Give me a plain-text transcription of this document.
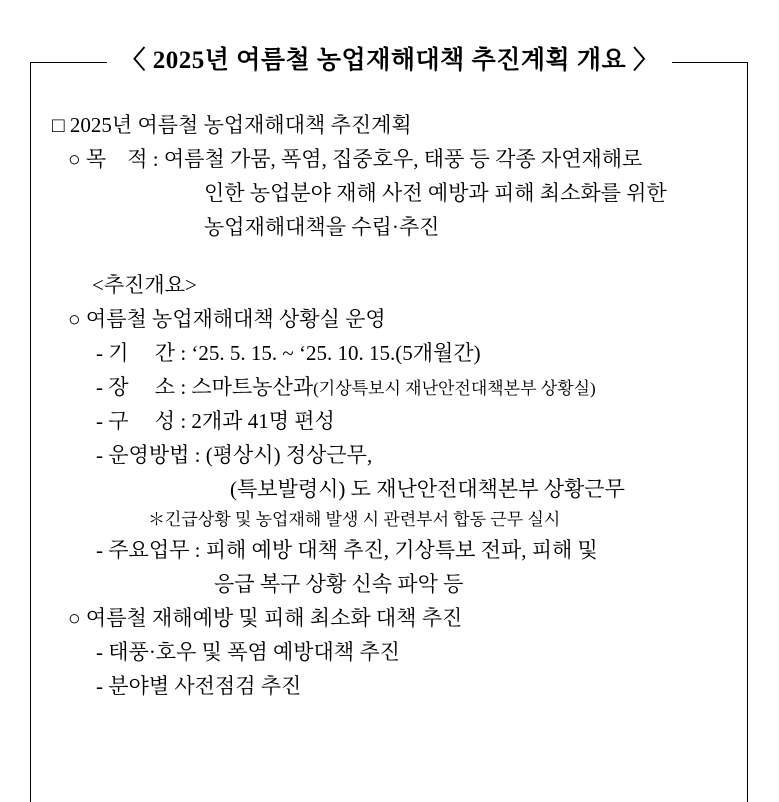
〈 2025년 여름철 농업재해대책 추진계획 개요 〉
□ 2025년 여름철 농업재해대책 추진계획
○ 목    적 : 여름철 가뭄, 폭염, 집중호우, 태풍 등 각종 자연재해로
인한 농업분야 재해 사전 예방과 피해 최소화를 위한
농업재해대책을 수립·추진
<추진개요>
○ 여름철 농업재해대책 상황실 운영
- 기     간 : ‘25. 5. 15. ~ ‘25. 10. 15.(5개월간)
- 장     소 : 스마트농산과(기상특보시 재난안전대책본부 상황실)
- 구     성 : 2개과 41명 편성
- 운영방법 : (평상시) 정상근무,
(특보발령시) 도 재난안전대책본부 상황근무
＊긴급상황 및 농업재해 발생 시 관련부서 합동 근무 실시
- 주요업무 : 피해 예방 대책 추진, 기상특보 전파, 피해 및
응급 복구 상황 신속 파악 등
○ 여름철 재해예방 및 피해 최소화 대책 추진
- 태풍·호우 및 폭염 예방대책 추진
- 분야별 사전점검 추진
